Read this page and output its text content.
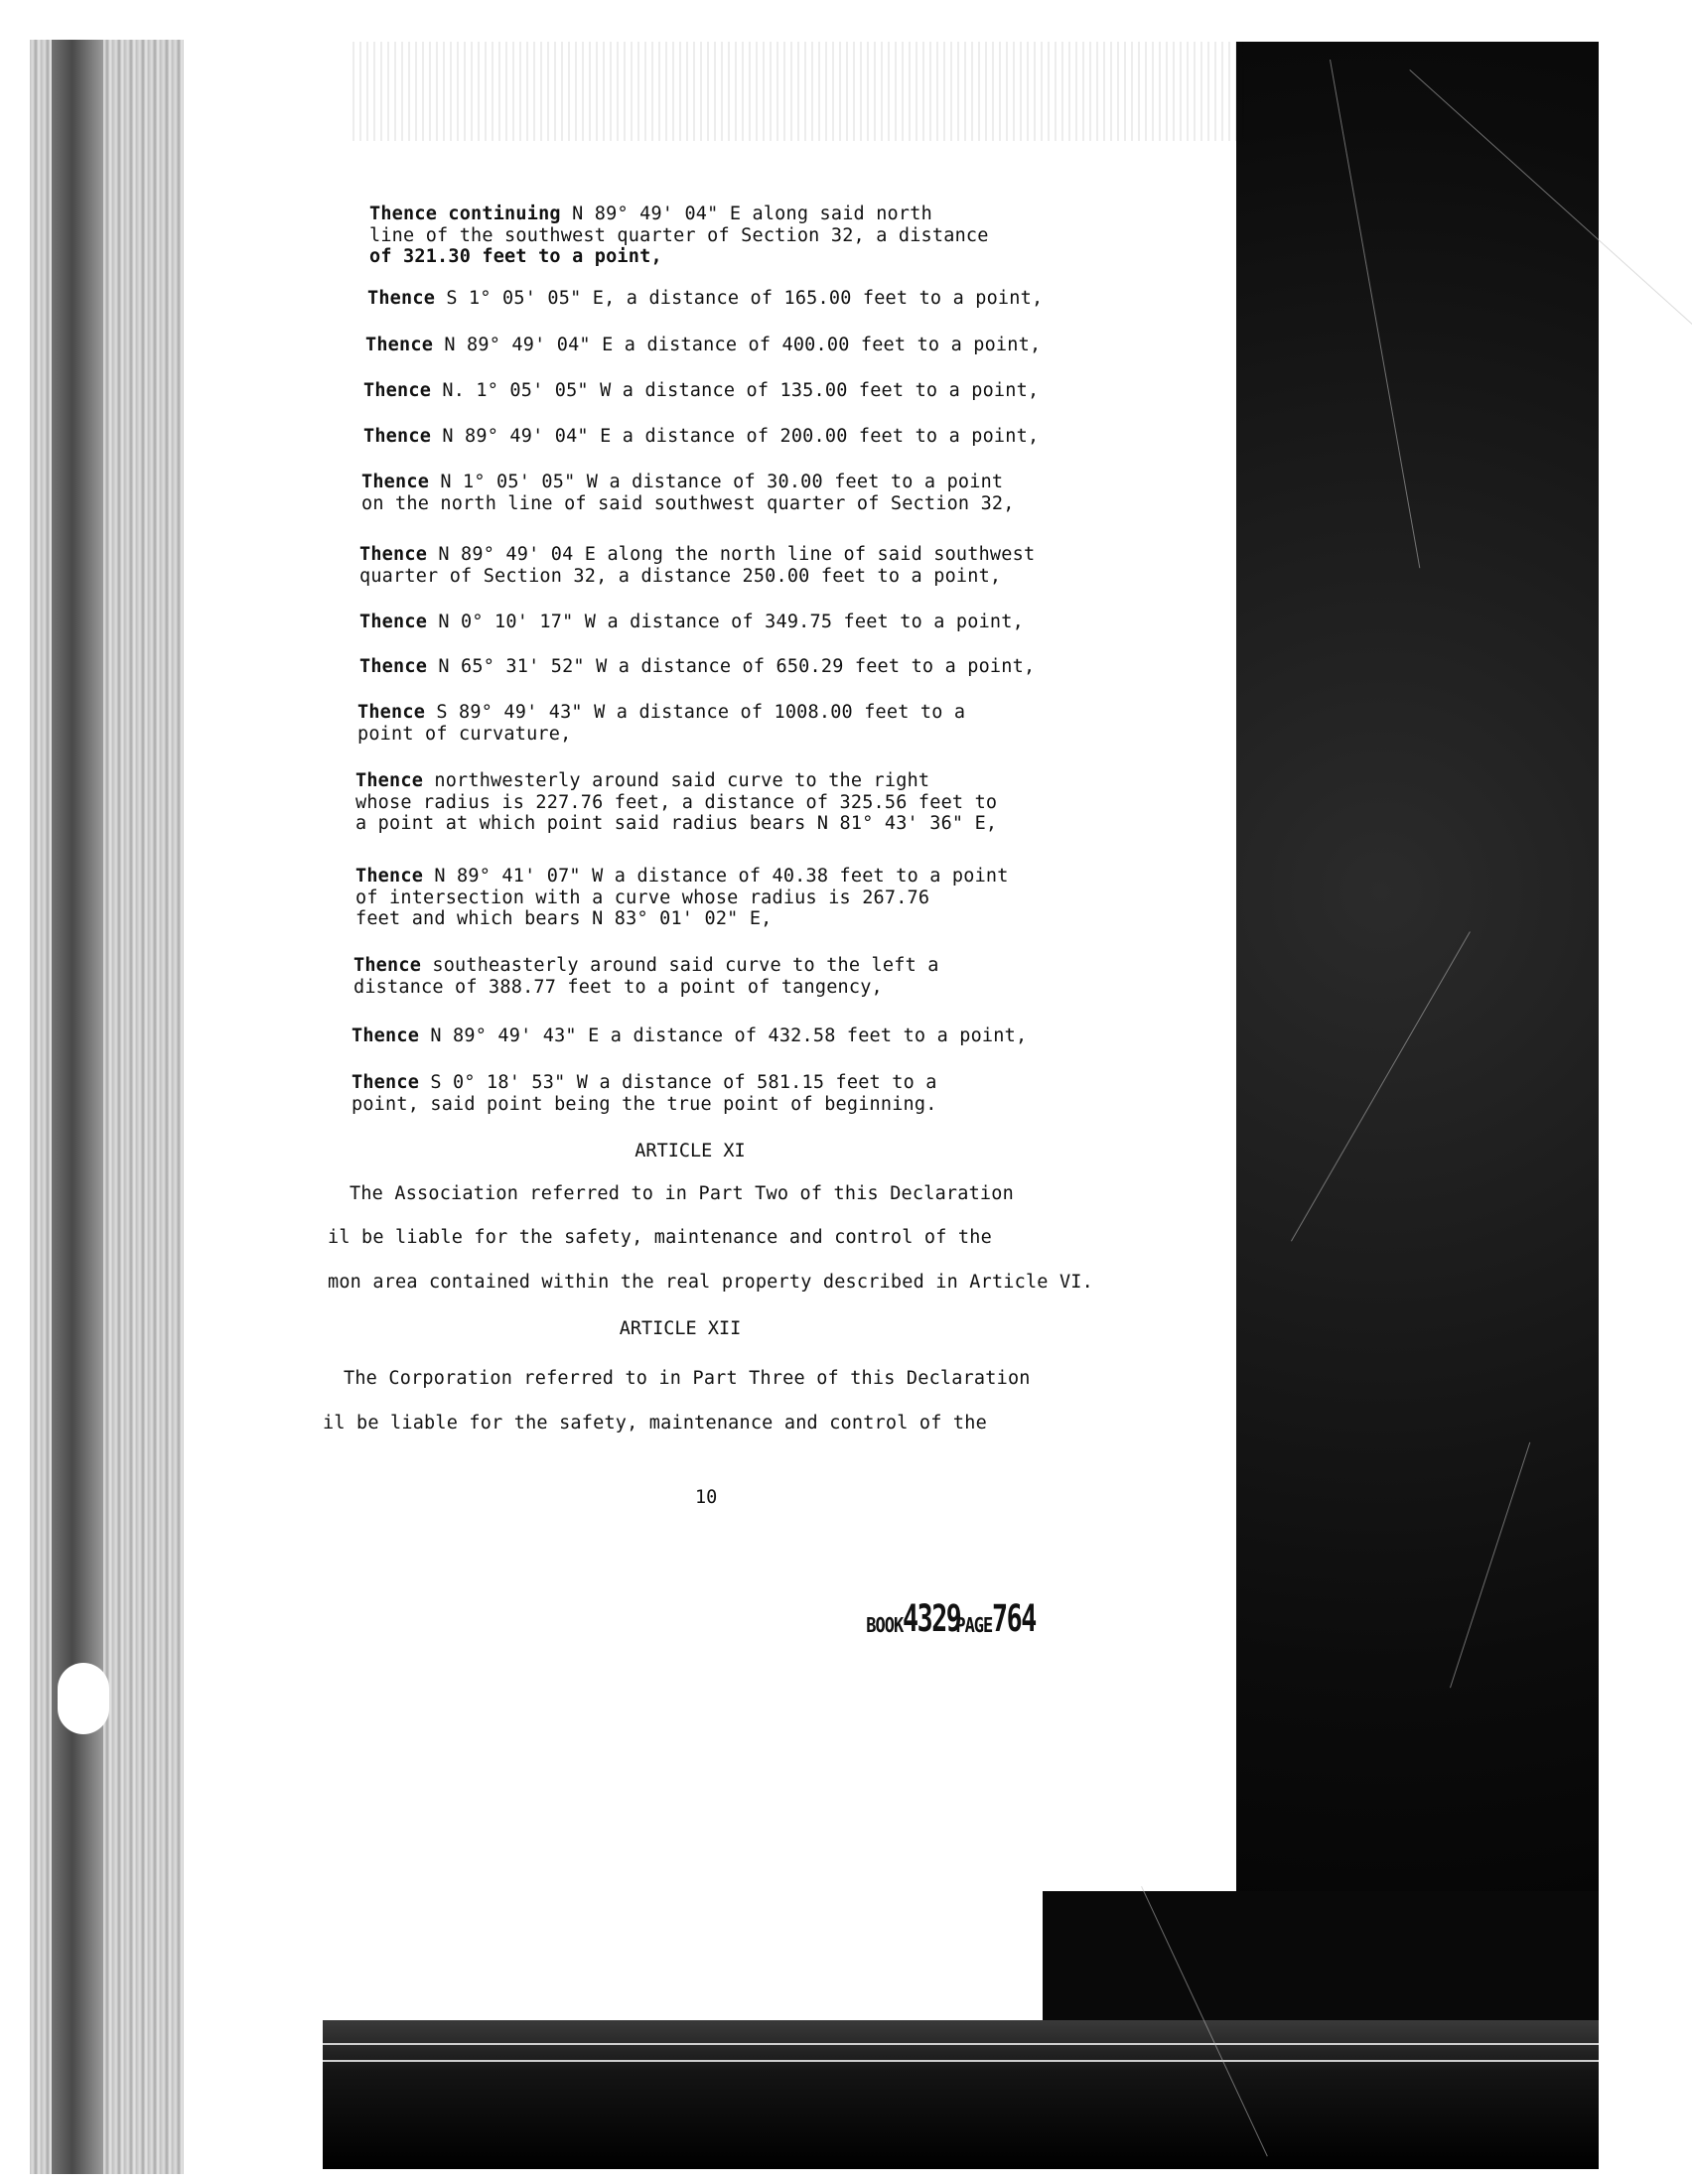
Thence continuing N 89° 49' 04" E along said north
line of the southwest quarter of Section 32, a distance
of 321.30 feet to a point,
Thence S 1° 05' 05" E, a distance of 165.00 feet to a point,
Thence N 89° 49' 04" E a distance of 400.00 feet to a point,
Thence N. 1° 05' 05" W a distance of 135.00 feet to a point,
Thence N 89° 49' 04" E a distance of 200.00 feet to a point,
Thence N 1° 05' 05" W a distance of 30.00 feet to a point
on the north line of said southwest quarter of Section 32,
Thence N 89° 49' 04 E along the north line of said southwest
quarter of Section 32, a distance 250.00 feet to a point,
Thence N 0° 10' 17" W a distance of 349.75 feet to a point,
Thence N 65° 31' 52" W a distance of 650.29 feet to a point,
Thence S 89° 49' 43" W a distance of 1008.00 feet to a
point of curvature,
Thence northwesterly around said curve to the right
whose radius is 227.76 feet, a distance of 325.56 feet to
a point at which point said radius bears N 81° 43' 36" E,
Thence N 89° 41' 07" W a distance of 40.38 feet to a point
of intersection with a curve whose radius is 267.76
feet and which bears N 83° 01' 02" E,
Thence southeasterly around said curve to the left a
distance of 388.77 feet to a point of tangency,
Thence N 89° 49' 43" E a distance of 432.58 feet to a point,
Thence S 0° 18' 53" W a distance of 581.15 feet to a
point, said point being the true point of beginning.
ARTICLE XI
The Association referred to in Part Two of this Declaration
il be liable for the safety, maintenance and control of the
mon area contained within the real property described in Article VI.
ARTICLE XII
The Corporation referred to in Part Three of this Declaration
il be liable for the safety, maintenance and control of the
10

BOOK4329PAGE764
